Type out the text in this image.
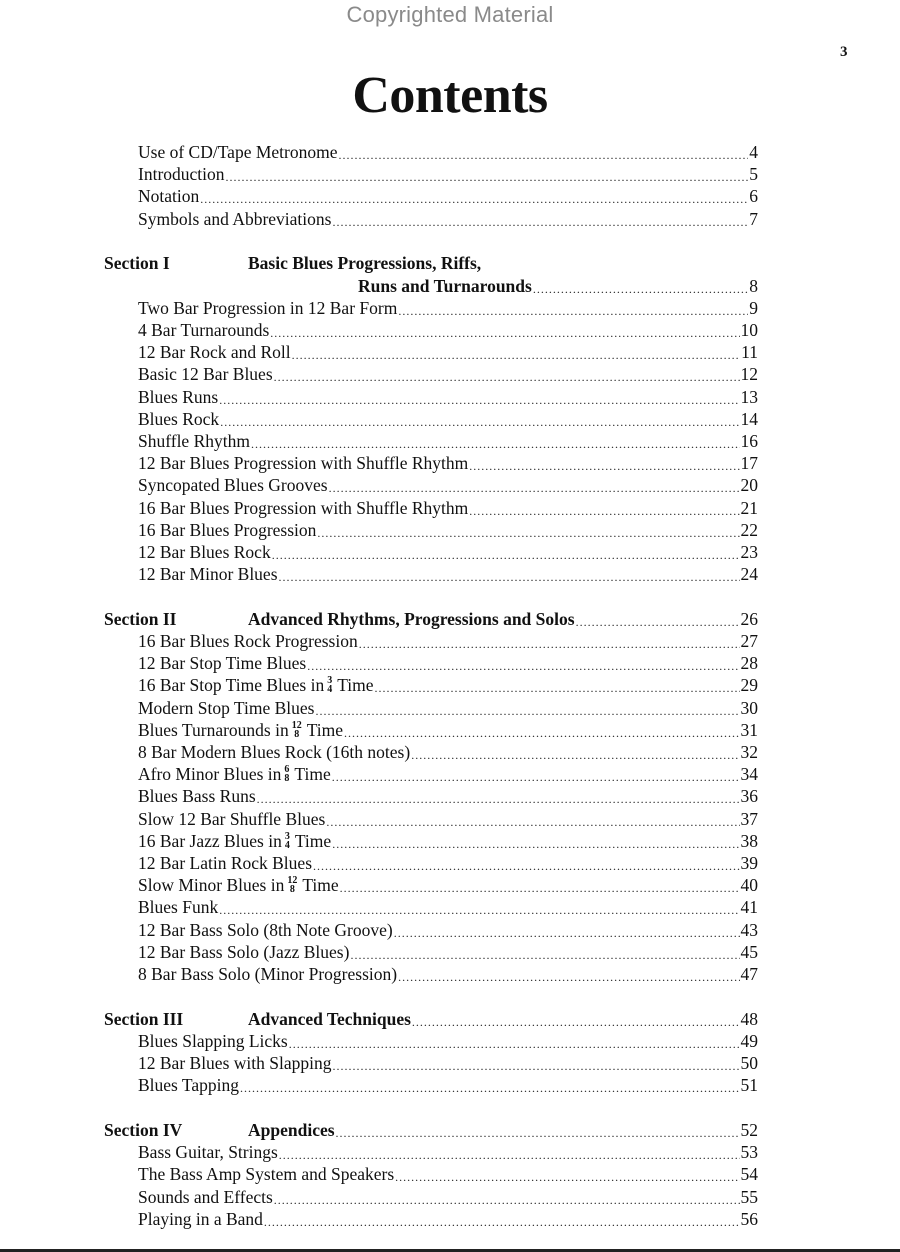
Copyrighted Material
3
Contents
Use of CD/Tape Metronome .....	4
Introduction .....	5
Notation .....	6
Symbols and Abbreviations .....	7
Section I	Basic Blues Progressions, Riffs,
Runs and Turnarounds .....	8
Two Bar Progression in 12 Bar Form .....	9
4 Bar Turnarounds .....	10
12 Bar Rock and Roll .....	11
Basic 12 Bar Blues .....	12
Blues Runs .....	13
Blues Rock .....	14
Shuffle Rhythm .....	16
12 Bar Blues Progression with Shuffle Rhythm .....	17
Syncopated Blues Grooves .....	20
16 Bar Blues Progression with Shuffle Rhythm .....	21
16 Bar Blues Progression .....	22
12 Bar Blues Rock .....	23
12 Bar Minor Blues .....	24
Section II	Advanced Rhythms, Progressions and Solos .....	26
16 Bar Blues Rock Progression .....	27
12 Bar Stop Time Blues .....	28
16 Bar Stop Time Blues in 3
4 Time .....	29
Modern Stop Time Blues .....	30
Blues Turnarounds in 12
8 Time .....	31
8 Bar Modern Blues Rock (16th notes) .....	32
Afro Minor Blues in 6
8 Time .....	34
Blues Bass Runs .....	36
Slow 12 Bar Shuffle Blues .....	37
16 Bar Jazz Blues in 3
4 Time .....	38
12 Bar Latin Rock Blues .....	39
Slow Minor Blues in 12
8 Time .....	40
Blues Funk .....	41
12 Bar Bass Solo (8th Note Groove) .....	43
12 Bar Bass Solo (Jazz Blues) .....	45
8 Bar Bass Solo (Minor Progression) .....	47
Section III	Advanced Techniques .....	48
Blues Slapping Licks .....	49
12 Bar Blues with Slapping .....	50
Blues Tapping .....	51
Section IV	Appendices .....	52
Bass Guitar, Strings .....	53
The Bass Amp System and Speakers .....	54
Sounds and Effects .....	55
Playing in a Band .....	56
